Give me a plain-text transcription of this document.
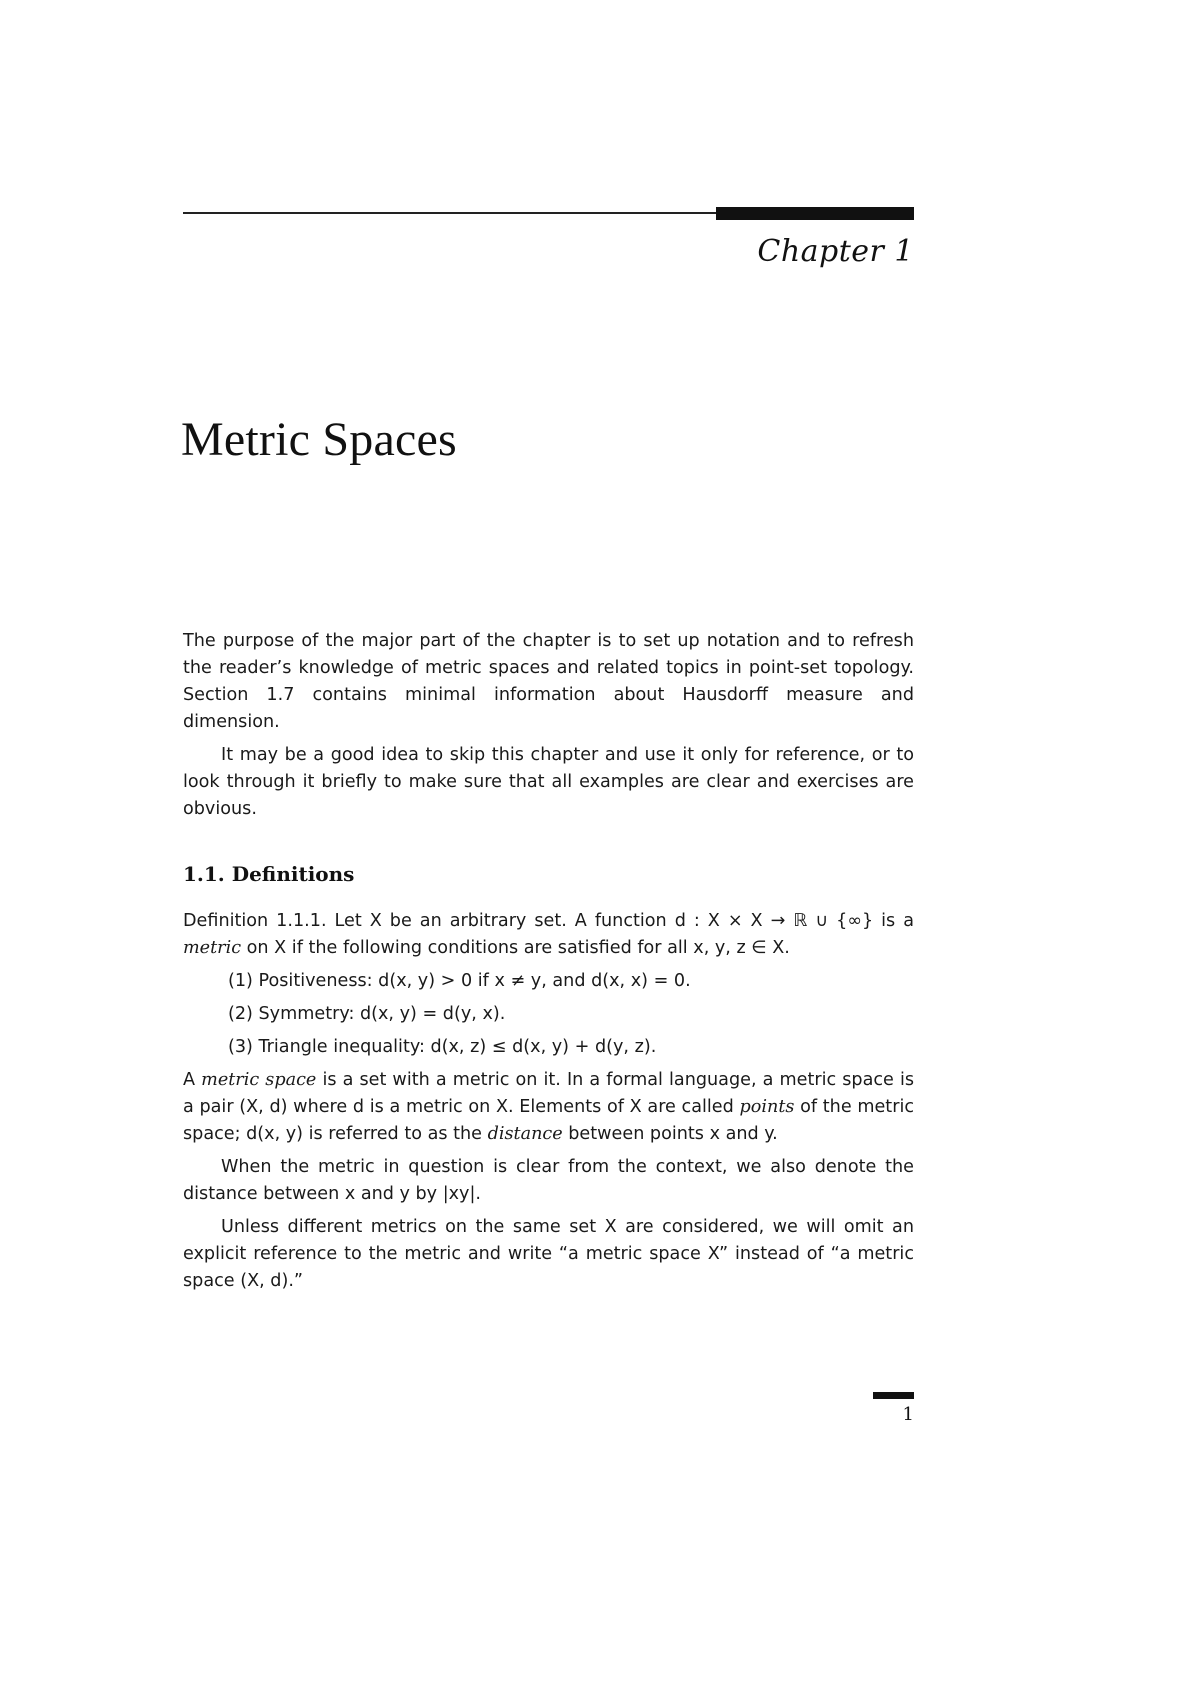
Chapter 1
Metric Spaces

The purpose of the major part of the chapter is to set up notation and to refresh the reader’s knowledge of metric spaces and related topics in point-set topology. Section 1.7 contains minimal information about Hausdorff measure and dimension.

It may be a good idea to skip this chapter and use it only for reference, or to look through it briefly to make sure that all examples are clear and exercises are obvious.

1.1. Definitions

Definition 1.1.1. Let X be an arbitrary set. A function d : X × X → ℝ ∪ {∞} is a metric on X if the following conditions are satisfied for all x, y, z ∈ X.

(1) Positiveness: d(x, y) > 0 if x ≠ y, and d(x, x) = 0.
(2) Symmetry: d(x, y) = d(y, x).
(3) Triangle inequality: d(x, z) ≤ d(x, y) + d(y, z).

A metric space is a set with a metric on it. In a formal language, a metric space is a pair (X, d) where d is a metric on X. Elements of X are called points of the metric space; d(x, y) is referred to as the distance between points x and y.

When the metric in question is clear from the context, we also denote the distance between x and y by |xy|.

Unless different metrics on the same set X are considered, we will omit an explicit reference to the metric and write “a metric space X” instead of “a metric space (X, d).”

1
